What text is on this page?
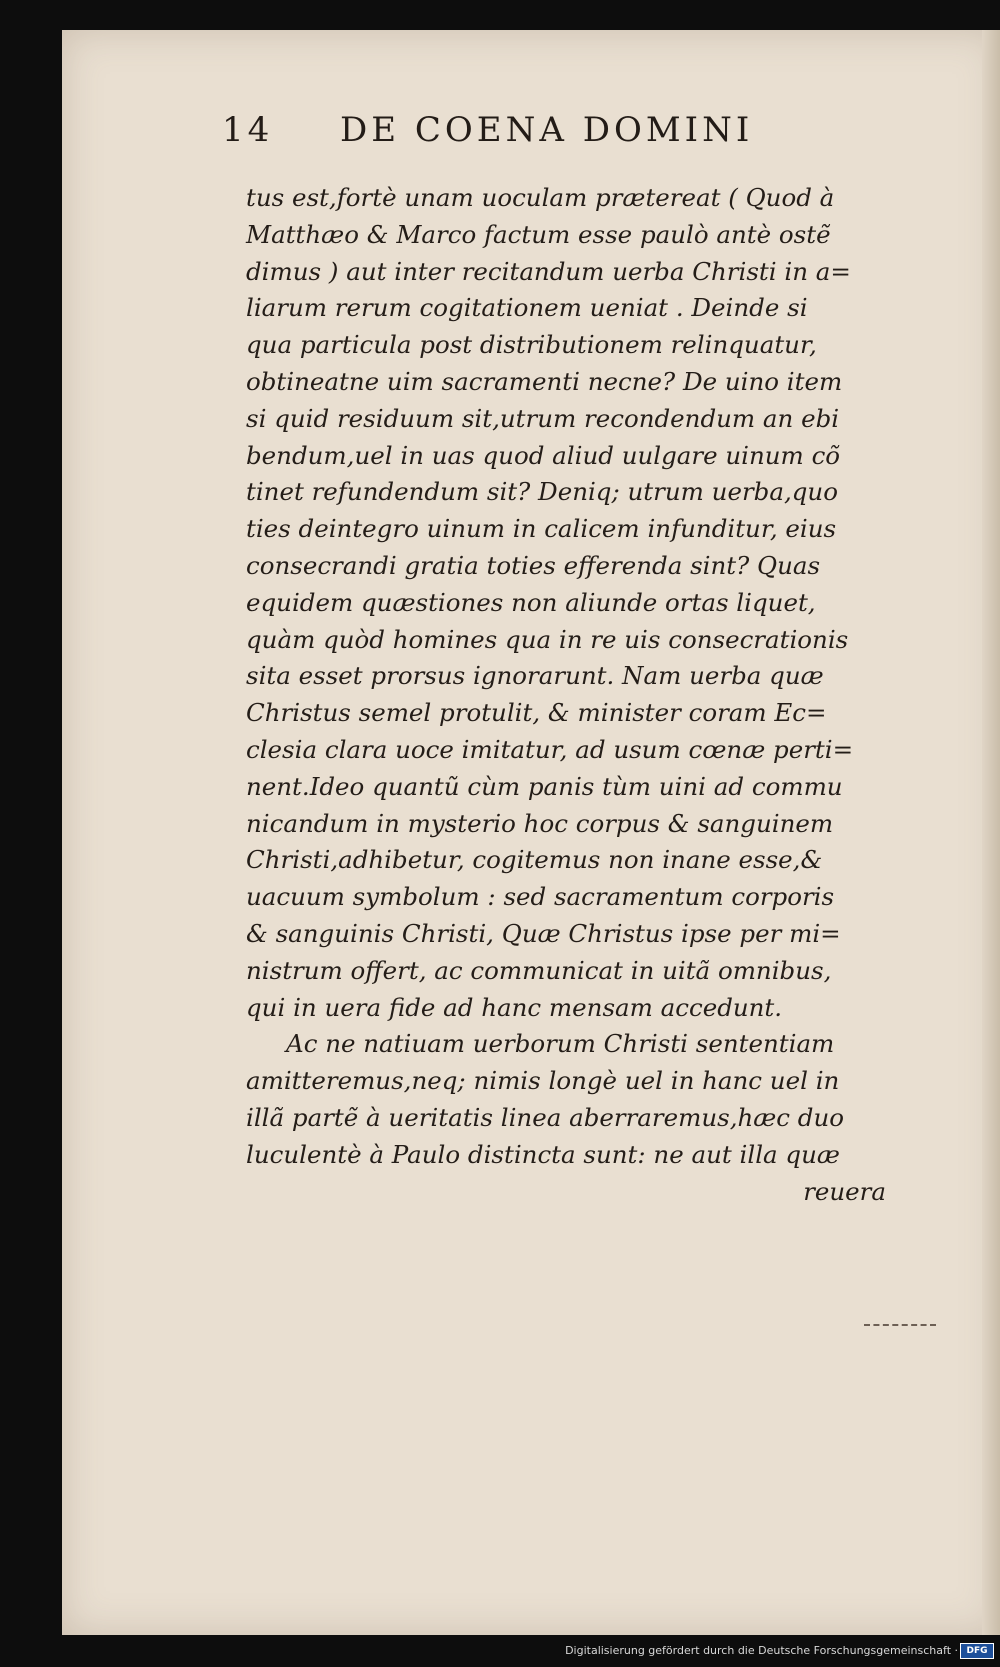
14 DE COENA DOMINI
tus est,fortè unam uoculam prætereat ( Quod à
Matthæo & Marco factum esse paulò antè ostẽ
dimus ) aut inter recitandum uerba Christi in a=
liarum rerum cogitationem ueniat . Deinde si
qua particula post distributionem relinquatur,
obtineatne uim sacramenti necne? De uino item
si quid residuum sit,utrum recondendum an ebi
bendum,uel in uas quod aliud uulgare uinum cõ
tinet refundendum sit? Deniq; utrum uerba,quo
ties deintegro uinum in calicem infunditur, eius
consecrandi gratia toties efferenda sint? Quas
equidem quæstiones non aliunde ortas liquet,
quàm quòd homines qua in re uis consecrationis
sita esset prorsus ignorarunt. Nam uerba quæ
Christus semel protulit, & minister coram Ec=
clesia clara uoce imitatur, ad usum cœnæ perti=
nent.Ideo quantũ cùm panis tùm uini ad commu
nicandum in mysterio hoc corpus & sanguinem
Christi,adhibetur, cogitemus non inane esse,&
uacuum symbolum : sed sacramentum corporis
& sanguinis Christi, Quæ Christus ipse per mi=
nistrum offert, ac communicat in uitã omnibus,
qui in uera fide ad hanc mensam accedunt.
Ac ne natiuam uerborum Christi sententiam
amitteremus,neq; nimis longè uel in hanc uel in
illã partẽ à ueritatis linea aberraremus,hæc duo
luculentè à Paulo distincta sunt: ne aut illa quæ
reuera
Digitalisierung gefördert durch die Deutsche Forschungsgemeinschaft · DFG
